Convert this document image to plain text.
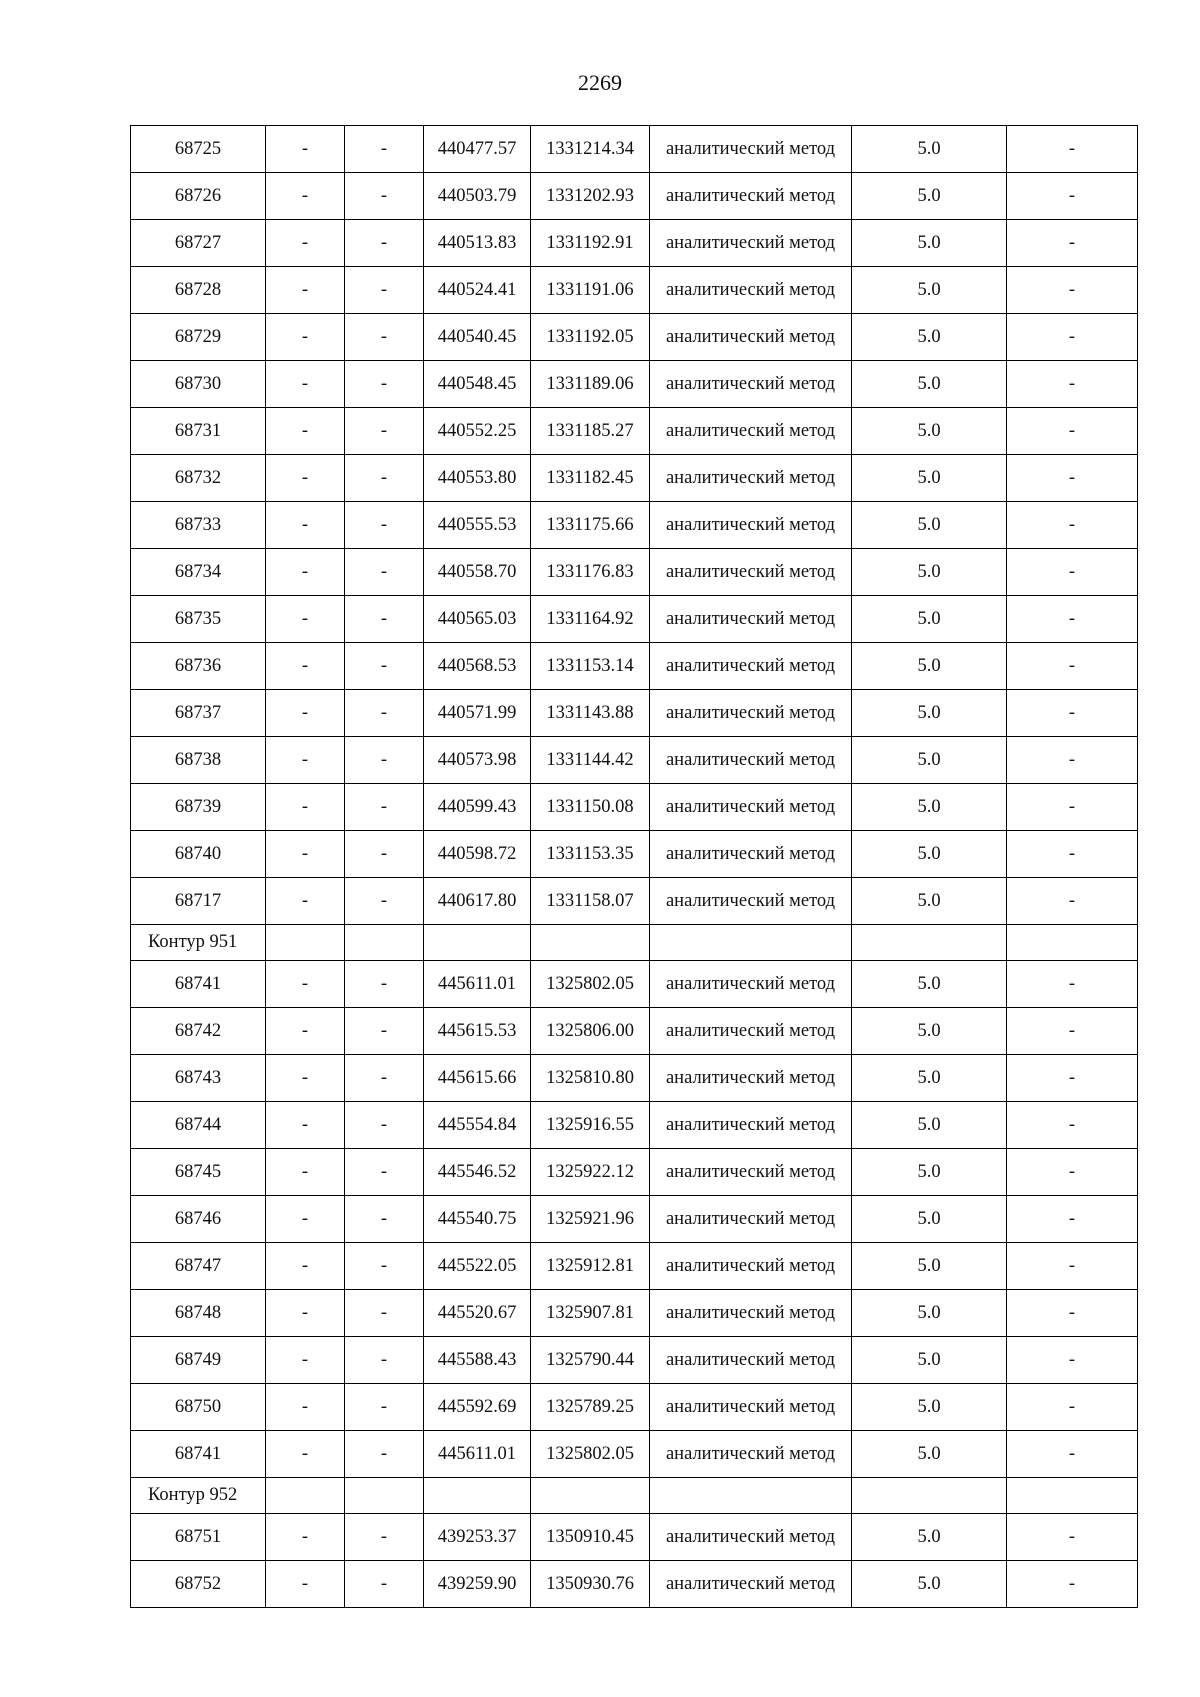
2269
68725	-	-	440477.57	1331214.34	аналитический метод	5.0	-
68726	-	-	440503.79	1331202.93	аналитический метод	5.0	-
68727	-	-	440513.83	1331192.91	аналитический метод	5.0	-
68728	-	-	440524.41	1331191.06	аналитический метод	5.0	-
68729	-	-	440540.45	1331192.05	аналитический метод	5.0	-
68730	-	-	440548.45	1331189.06	аналитический метод	5.0	-
68731	-	-	440552.25	1331185.27	аналитический метод	5.0	-
68732	-	-	440553.80	1331182.45	аналитический метод	5.0	-
68733	-	-	440555.53	1331175.66	аналитический метод	5.0	-
68734	-	-	440558.70	1331176.83	аналитический метод	5.0	-
68735	-	-	440565.03	1331164.92	аналитический метод	5.0	-
68736	-	-	440568.53	1331153.14	аналитический метод	5.0	-
68737	-	-	440571.99	1331143.88	аналитический метод	5.0	-
68738	-	-	440573.98	1331144.42	аналитический метод	5.0	-
68739	-	-	440599.43	1331150.08	аналитический метод	5.0	-
68740	-	-	440598.72	1331153.35	аналитический метод	5.0	-
68717	-	-	440617.80	1331158.07	аналитический метод	5.0	-
Контур 951							
68741	-	-	445611.01	1325802.05	аналитический метод	5.0	-
68742	-	-	445615.53	1325806.00	аналитический метод	5.0	-
68743	-	-	445615.66	1325810.80	аналитический метод	5.0	-
68744	-	-	445554.84	1325916.55	аналитический метод	5.0	-
68745	-	-	445546.52	1325922.12	аналитический метод	5.0	-
68746	-	-	445540.75	1325921.96	аналитический метод	5.0	-
68747	-	-	445522.05	1325912.81	аналитический метод	5.0	-
68748	-	-	445520.67	1325907.81	аналитический метод	5.0	-
68749	-	-	445588.43	1325790.44	аналитический метод	5.0	-
68750	-	-	445592.69	1325789.25	аналитический метод	5.0	-
68741	-	-	445611.01	1325802.05	аналитический метод	5.0	-
Контур 952							
68751	-	-	439253.37	1350910.45	аналитический метод	5.0	-
68752	-	-	439259.90	1350930.76	аналитический метод	5.0	-
